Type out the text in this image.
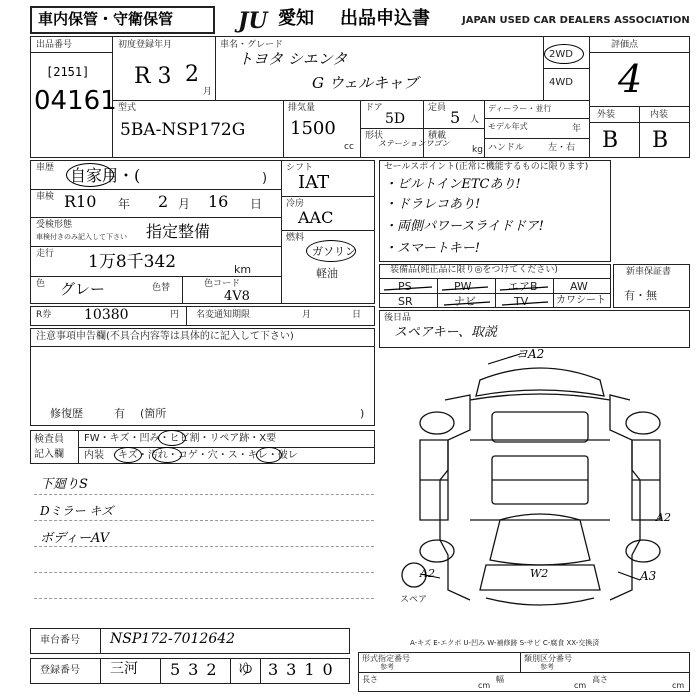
車内保管・守衛保管	JU 愛知 出品申込書	JAPAN USED CAR DEALERS ASSOCIATION
出品番号
[2151]
04161
初度登録年月
R 3 2
月
車名・グレード
トヨタ シエンタ
G ウェルキャブ
2WD
4WD
評価点
4
外装	内装
B B
型式
5BA-NSP172G
排気量
1500
cc
ドア
5D
定員 5 人
形状
ステーションワゴン
積載
kg
ディーラー・並行
モデル年式	年
ハンドル	左・右
車歴 自家用・(	)
車検 R10 年 2 月 16 日
受検形態
車検付きのみ記入して下さい 指定整備
走行 1万8千342	km
色 グレー	色替	色コード
4V8
シフト
IAT
冷房
AAC
燃料
ガソリン
軽油
R券 10380	円 名変通知期限	月	日
セールスポイント(正常に機能するものに限ります)
・ビルトインETCあり!
・ドラレコあり!
・両側パワースライドドア!
・スマートキー!
装備品(純正品に限り◎をつけてください)
PS	PW	エアB	AW
SR	ナビ	TV	カワシート
新車保証書
有・無
注意事項申告欄(不具合内容等は具体的に記入して下さい)
修復歴	有 (箇所	)
後日品
スペアキー、取説
検査員
記入欄
FW・キズ・凹み・ヒビ割・リペア跡・X要
内装 キズ・汚れ・コゲ・穴・ス・キレ・破レ
下廻りS
Dミラー キズ
ボディーAV
ヨA2
A2
A2	A3
W2
スペア
A-キズ E-エクボ U-凹み W-補修跡 S-サビ C-腐食 XX-交換済
車台番号 NSP172-7012642
登録番号 三河 532 ゆ 3310
形式指定番号
参考
類別区分番号
参考
長さ
cm
幅
cm
高さ
cm
